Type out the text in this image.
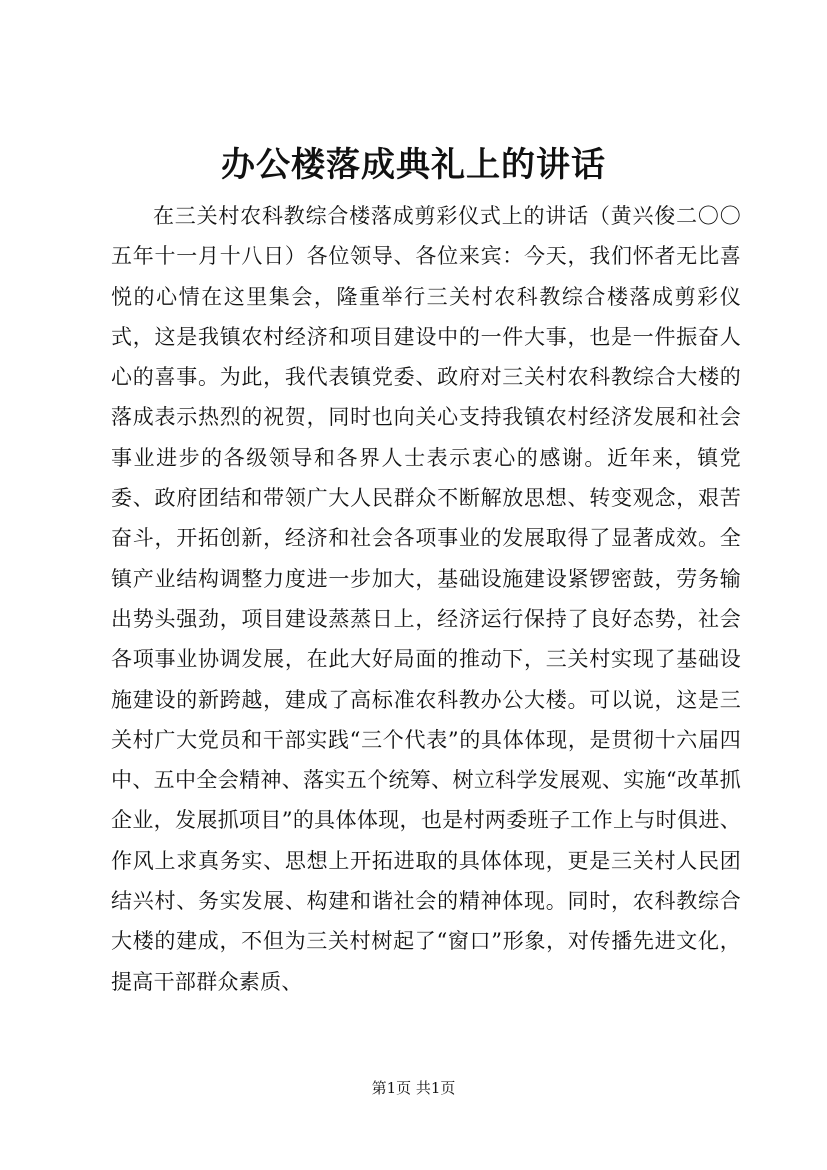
办公楼落成典礼上的讲话

在三关村农科教综合楼落成剪彩仪式上的讲话（黄兴俊二〇〇五年十一月十八日）各位领导、各位来宾：今天，我们怀者无比喜悦的心情在这里集会，隆重举行三关村农科教综合楼落成剪彩仪式，这是我镇农村经济和项目建设中的一件大事，也是一件振奋人心的喜事。为此，我代表镇党委、政府对三关村农科教综合大楼的落成表示热烈的祝贺，同时也向关心支持我镇农村经济发展和社会事业进步的各级领导和各界人士表示衷心的感谢。近年来，镇党委、政府团结和带领广大人民群众不断解放思想、转变观念，艰苦奋斗，开拓创新，经济和社会各项事业的发展取得了显著成效。全镇产业结构调整力度进一步加大，基础设施建设紧锣密鼓，劳务输出势头强劲，项目建设蒸蒸日上，经济运行保持了良好态势，社会各项事业协调发展，在此大好局面的推动下，三关村实现了基础设施建设的新跨越，建成了高标准农科教办公大楼。可以说，这是三关村广大党员和干部实践“三个代表”的具体体现，是贯彻十六届四中、五中全会精神、落实五个统筹、树立科学发展观、实施“改革抓企业，发展抓项目”的具体体现，也是村两委班子工作上与时俱进、作风上求真务实、思想上开拓进取的具体体现，更是三关村人民团结兴村、务实发展、构建和谐社会的精神体现。同时，农科教综合大楼的建成，不但为三关村树起了“窗口”形象，对传播先进文化，提高干部群众素质、

第1页 共1页
